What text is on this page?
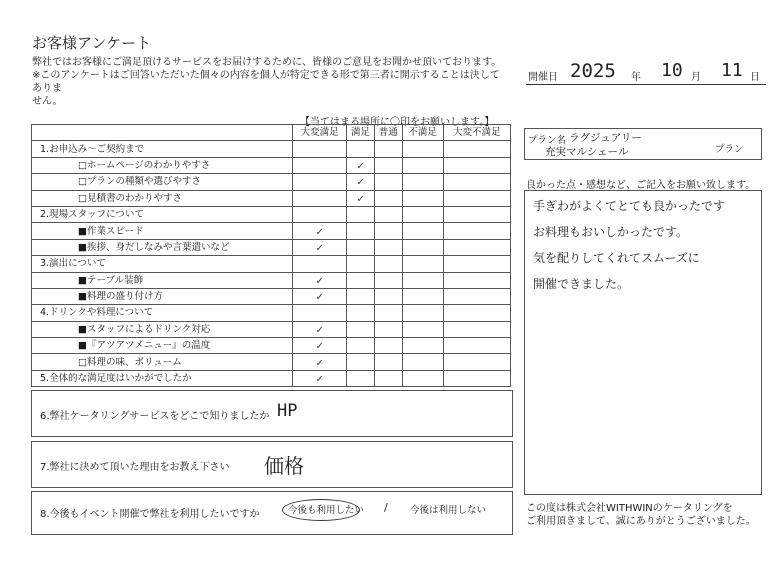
お客様アンケート
弊社ではお客様にご満足頂けるサービスをお届けするために、皆様のご意見をお聞かせ頂いております。
※このアンケートはご回答いただいた個々の内容を個人が特定できる形で第三者に開示することは決してありま
せん。
開催日 2025 年 10 月 11 日
【当てはまる場所に〇印をお願いします。】
	大変満足	満足	普通	不満足	大変不満足
1.お申込み～ご契約まで					
□ホームページのわかりやすさ		✓			
□プランの種類や選びやすさ		✓			
□見積書のわかりやすさ		✓			
2.現場スタッフについて					
■作業スピード	✓				
■挨拶、身だしなみや言葉遣いなど	✓				
3.演出について					
■テーブル装飾	✓				
■料理の盛り付け方	✓				
4.ドリンクや料理について					
■スタッフによるドリンク対応	✓				
■『アツアツメニュー』の温度	✓				
□料理の味、ボリューム	✓				
5.全体的な満足度はいかがでしたか	✓				
6.弊社ケータリングサービスをどこで知りましたか HP
7.弊社に決めて頂いた理由をお教え下さい 価格
8.今後もイベント開催で弊社を利用したいですか	今後も利用したい / 今後は利用しない
プラン名 ラグジュアリー
充実マルシェール	プラン
良かった点・感想など、ご記入をお願い致します。
手ぎわがよくてとても良かったです
お料理もおいしかったです。
気を配りしてくれてスムーズに
開催できました。
この度は株式会社WITHWINのケータリングを
ご利用頂きまして、誠にありがとうございました。
